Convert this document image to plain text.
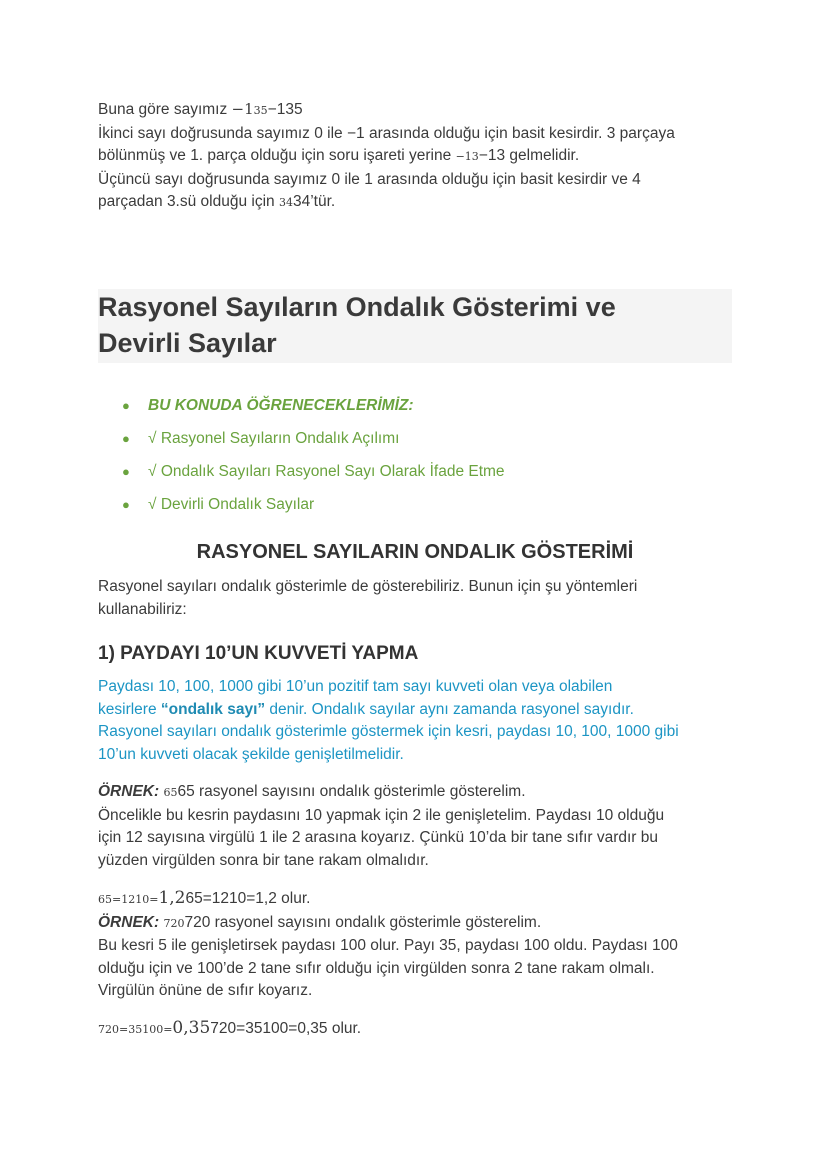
Buna göre sayımız −135−135
İkinci sayı doğrusunda sayımız 0 ile −1 arasında olduğu için basit kesirdir. 3 parçaya
bölünmüş ve 1. parça olduğu için soru işareti yerine −13−13 gelmelidir.
Üçüncü sayı doğrusunda sayımız 0 ile 1 arasında olduğu için basit kesirdir ve 4
parçadan 3.sü olduğu için 3434’tür.
Rasyonel Sayıların Ondalık Gösterimi ve
Devirli Sayılar
● BU KONUDA ÖĞRENECEKLERİMİZ:
● √ Rasyonel Sayıların Ondalık Açılımı
● √ Ondalık Sayıları Rasyonel Sayı Olarak İfade Etme
● √ Devirli Ondalık Sayılar
RASYONEL SAYILARIN ONDALIK GÖSTERİMİ
Rasyonel sayıları ondalık gösterimle de gösterebiliriz. Bunun için şu yöntemleri
kullanabiliriz:
1) PAYDAYI 10’UN KUVVETİ YAPMA
Paydası 10, 100, 1000 gibi 10’un pozitif tam sayı kuvveti olan veya olabilen
kesirlere “ondalık sayı” denir. Ondalık sayılar aynı zamanda rasyonel sayıdır.
Rasyonel sayıları ondalık gösterimle göstermek için kesri, paydası 10, 100, 1000 gibi
10’un kuvveti olacak şekilde genişletilmelidir.
ÖRNEK: 6565 rasyonel sayısını ondalık gösterimle gösterelim.
Öncelikle bu kesrin paydasını 10 yapmak için 2 ile genişletelim. Paydası 10 olduğu
için 12 sayısına virgülü 1 ile 2 arasına koyarız. Çünkü 10’da bir tane sıfır vardır bu
yüzden virgülden sonra bir tane rakam olmalıdır.
65=1210=1,265=1210=1,2 olur.
ÖRNEK: 720720 rasyonel sayısını ondalık gösterimle gösterelim.
Bu kesri 5 ile genişletirsek paydası 100 olur. Payı 35, paydası 100 oldu. Paydası 100
olduğu için ve 100’de 2 tane sıfır olduğu için virgülden sonra 2 tane rakam olmalı.
Virgülün önüne de sıfır koyarız.
720=35100=0,35720=35100=0,35 olur.
